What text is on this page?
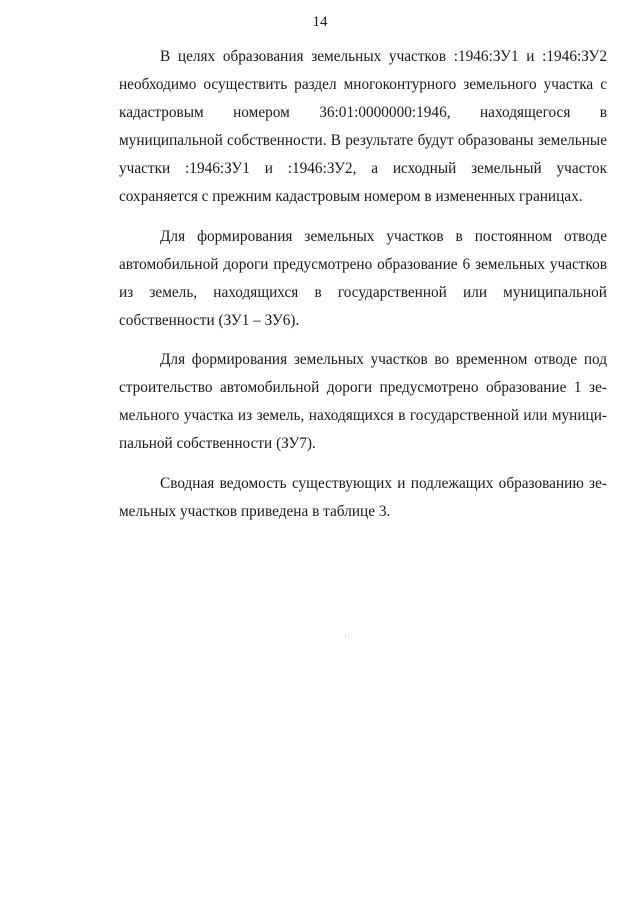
14

В целях образования земельных участков :1946:ЗУ1 и :1946:ЗУ2 необходимо осуществить раздел многоконтурного земельного участка с кадастровым номером 36:01:0000000:1946, находящегося в муниципальной собственности. В результате будут образованы земельные участки :1946:ЗУ1 и :1946:ЗУ2, а исходный земельный участок сохраняется с прежним кадастровым номером в измененных границах.

Для формирования земельных участков в постоянном отводе автомобильной дороги предусмотрено образование 6 земельных участков из земель, находящихся в государственной или муниципальной собственности (ЗУ1 – ЗУ6).

Для формирования земельных участков во временном отводе под строительство автомобильной дороги предусмотрено образование 1 земельного участка из земель, находящихся в государственной или муниципальной собственности (ЗУ7).

Сводная ведомость существующих и подлежащих образованию земельных участков приведена в таблице 3.
